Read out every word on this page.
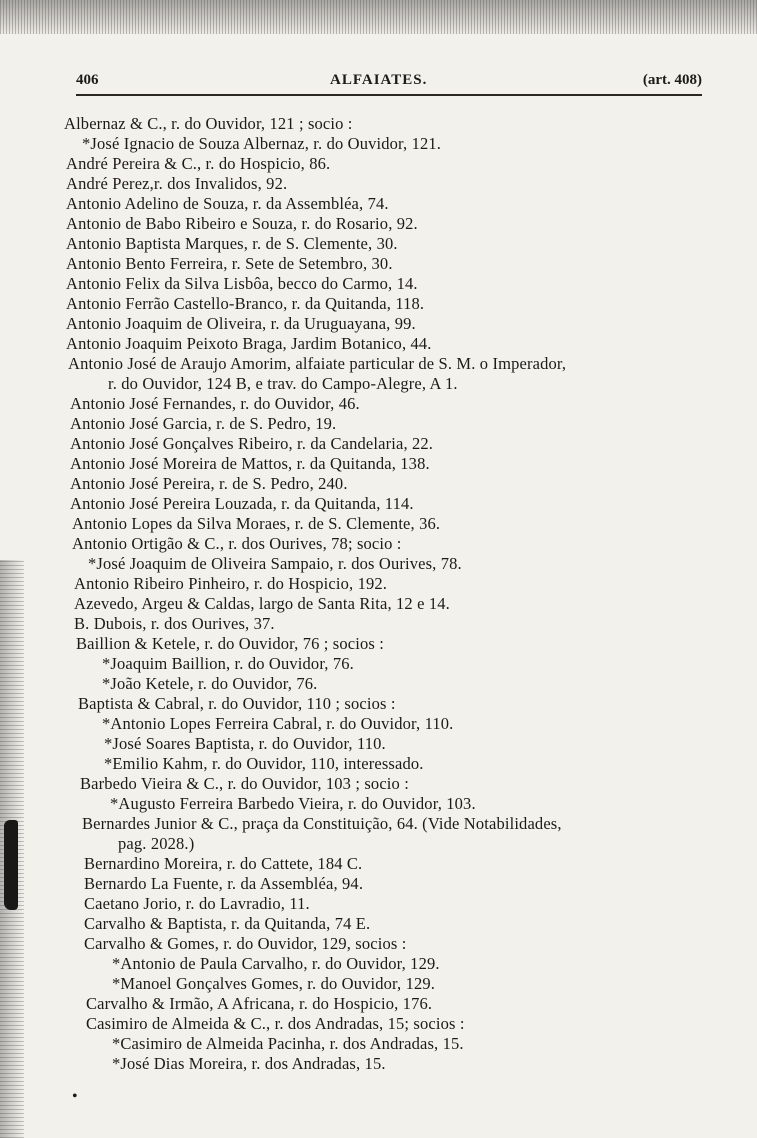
406	ALFAIATES.	(art. 408)
Albernaz & C., r. do Ouvidor, 121 ; socio :
*José Ignacio de Souza Albernaz, r. do Ouvidor, 121.
André Pereira & C., r. do Hospicio, 86.
André Perez,r. dos Invalidos, 92.
Antonio Adelino de Souza, r. da Assembléa, 74.
Antonio de Babo Ribeiro e Souza, r. do Rosario, 92.
Antonio Baptista Marques, r. de S. Clemente, 30.
Antonio Bento Ferreira, r. Sete de Setembro, 30.
Antonio Felix da Silva Lisbôa, becco do Carmo, 14.
Antonio Ferrão Castello-Branco, r. da Quitanda, 118.
Antonio Joaquim de Oliveira, r. da Uruguayana, 99.
Antonio Joaquim Peixoto Braga, Jardim Botanico, 44.
Antonio José de Araujo Amorim, alfaiate particular de S. M. o Imperador,
r. do Ouvidor, 124 B, e trav. do Campo-Alegre, A 1.
Antonio José Fernandes, r. do Ouvidor, 46.
Antonio José Garcia, r. de S. Pedro, 19.
Antonio José Gonçalves Ribeiro, r. da Candelaria, 22.
Antonio José Moreira de Mattos, r. da Quitanda, 138.
Antonio José Pereira, r. de S. Pedro, 240.
Antonio José Pereira Louzada, r. da Quitanda, 114.
Antonio Lopes da Silva Moraes, r. de S. Clemente, 36.
Antonio Ortigão & C., r. dos Ourives, 78; socio :
*José Joaquim de Oliveira Sampaio, r. dos Ourives, 78.
Antonio Ribeiro Pinheiro, r. do Hospicio, 192.
Azevedo, Argeu & Caldas, largo de Santa Rita, 12 e 14.
B. Dubois, r. dos Ourives, 37.
Baillion & Ketele, r. do Ouvidor, 76 ; socios :
*Joaquim Baillion, r. do Ouvidor, 76.
*João Ketele, r. do Ouvidor, 76.
Baptista & Cabral, r. do Ouvidor, 110 ; socios :
*Antonio Lopes Ferreira Cabral, r. do Ouvidor, 110.
*José Soares Baptista, r. do Ouvidor, 110.
*Emilio Kahm, r. do Ouvidor, 110, interessado.
Barbedo Vieira & C., r. do Ouvidor, 103 ; socio :
*Augusto Ferreira Barbedo Vieira, r. do Ouvidor, 103.
Bernardes Junior & C., praça da Constituição, 64. (Vide Notabilidades,
pag. 2028.)
Bernardino Moreira, r. do Cattete, 184 C.
Bernardo La Fuente, r. da Assembléa, 94.
Caetano Jorio, r. do Lavradio, 11.
Carvalho & Baptista, r. da Quitanda, 74 E.
Carvalho & Gomes, r. do Ouvidor, 129, socios :
*Antonio de Paula Carvalho, r. do Ouvidor, 129.
*Manoel Gonçalves Gomes, r. do Ouvidor, 129.
Carvalho & Irmão, A Africana, r. do Hospicio, 176.
Casimiro de Almeida & C., r. dos Andradas, 15; socios :
*Casimiro de Almeida Pacinha, r. dos Andradas, 15.
*José Dias Moreira, r. dos Andradas, 15.
•
